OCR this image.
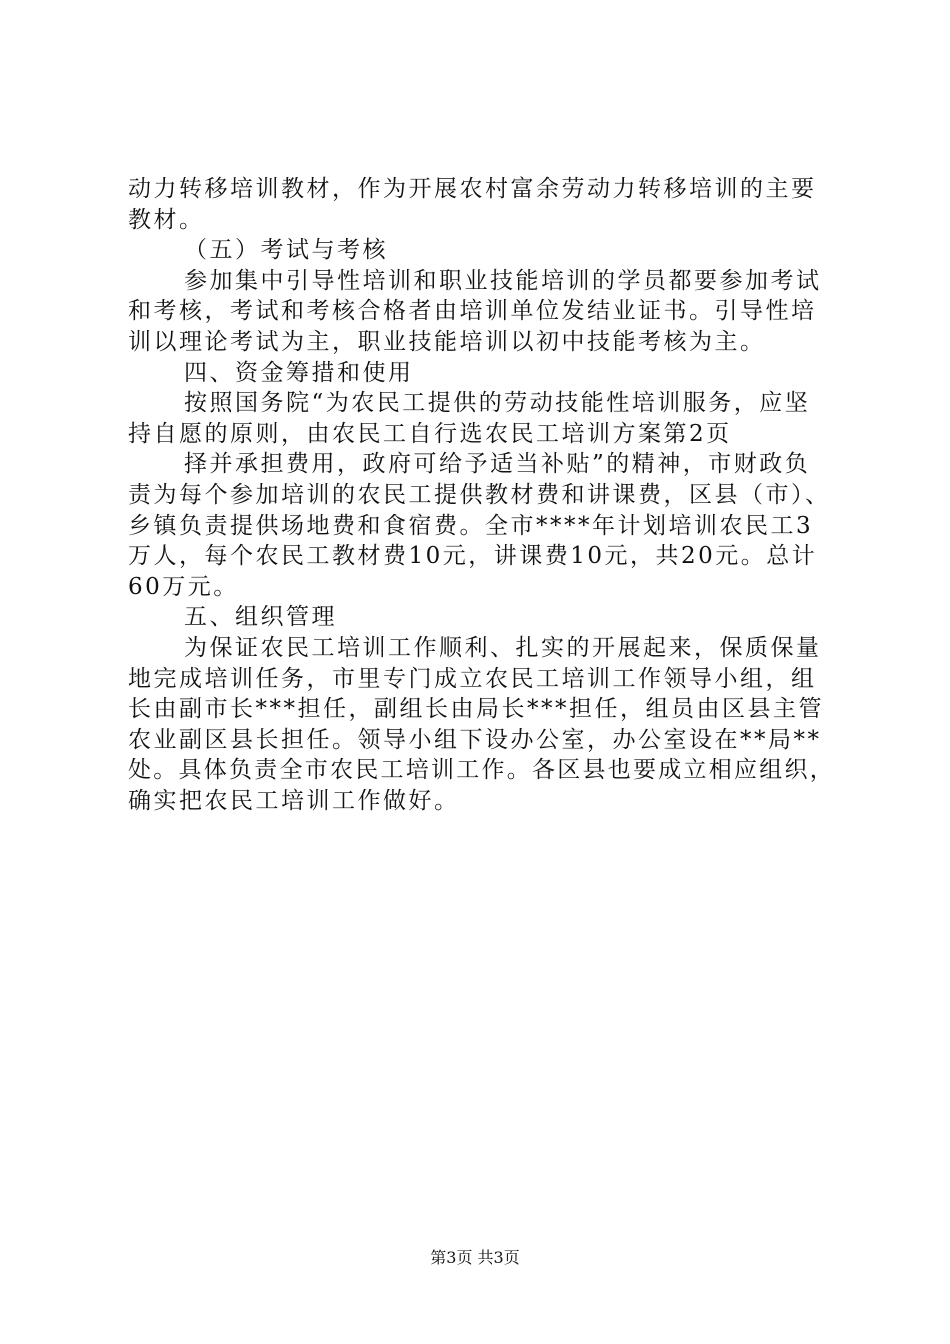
动力转移培训教材，作为开展农村富余劳动力转移培训的主要
教材。
（五）考试与考核
参加集中引导性培训和职业技能培训的学员都要参加考试
和考核，考试和考核合格者由培训单位发结业证书。引导性培
训以理论考试为主，职业技能培训以初中技能考核为主。
四、资金筹措和使用
按照国务院“为农民工提供的劳动技能性培训服务，应坚
持自愿的原则，由农民工自行选农民工培训方案第2页
择并承担费用，政府可给予适当补贴”的精神，市财政负
责为每个参加培训的农民工提供教材费和讲课费，区县（市）、
乡镇负责提供场地费和食宿费。全市****年计划培训农民工3
万人，每个农民工教材费10元，讲课费10元，共20元。总计
60万元。
五、组织管理
为保证农民工培训工作顺利、扎实的开展起来，保质保量
地完成培训任务，市里专门成立农民工培训工作领导小组，组
长由副市长***担任，副组长由局长***担任，组员由区县主管
农业副区县长担任。领导小组下设办公室，办公室设在**局**
处。具体负责全市农民工培训工作。各区县也要成立相应组织，
确实把农民工培训工作做好。
第3页 共3页
